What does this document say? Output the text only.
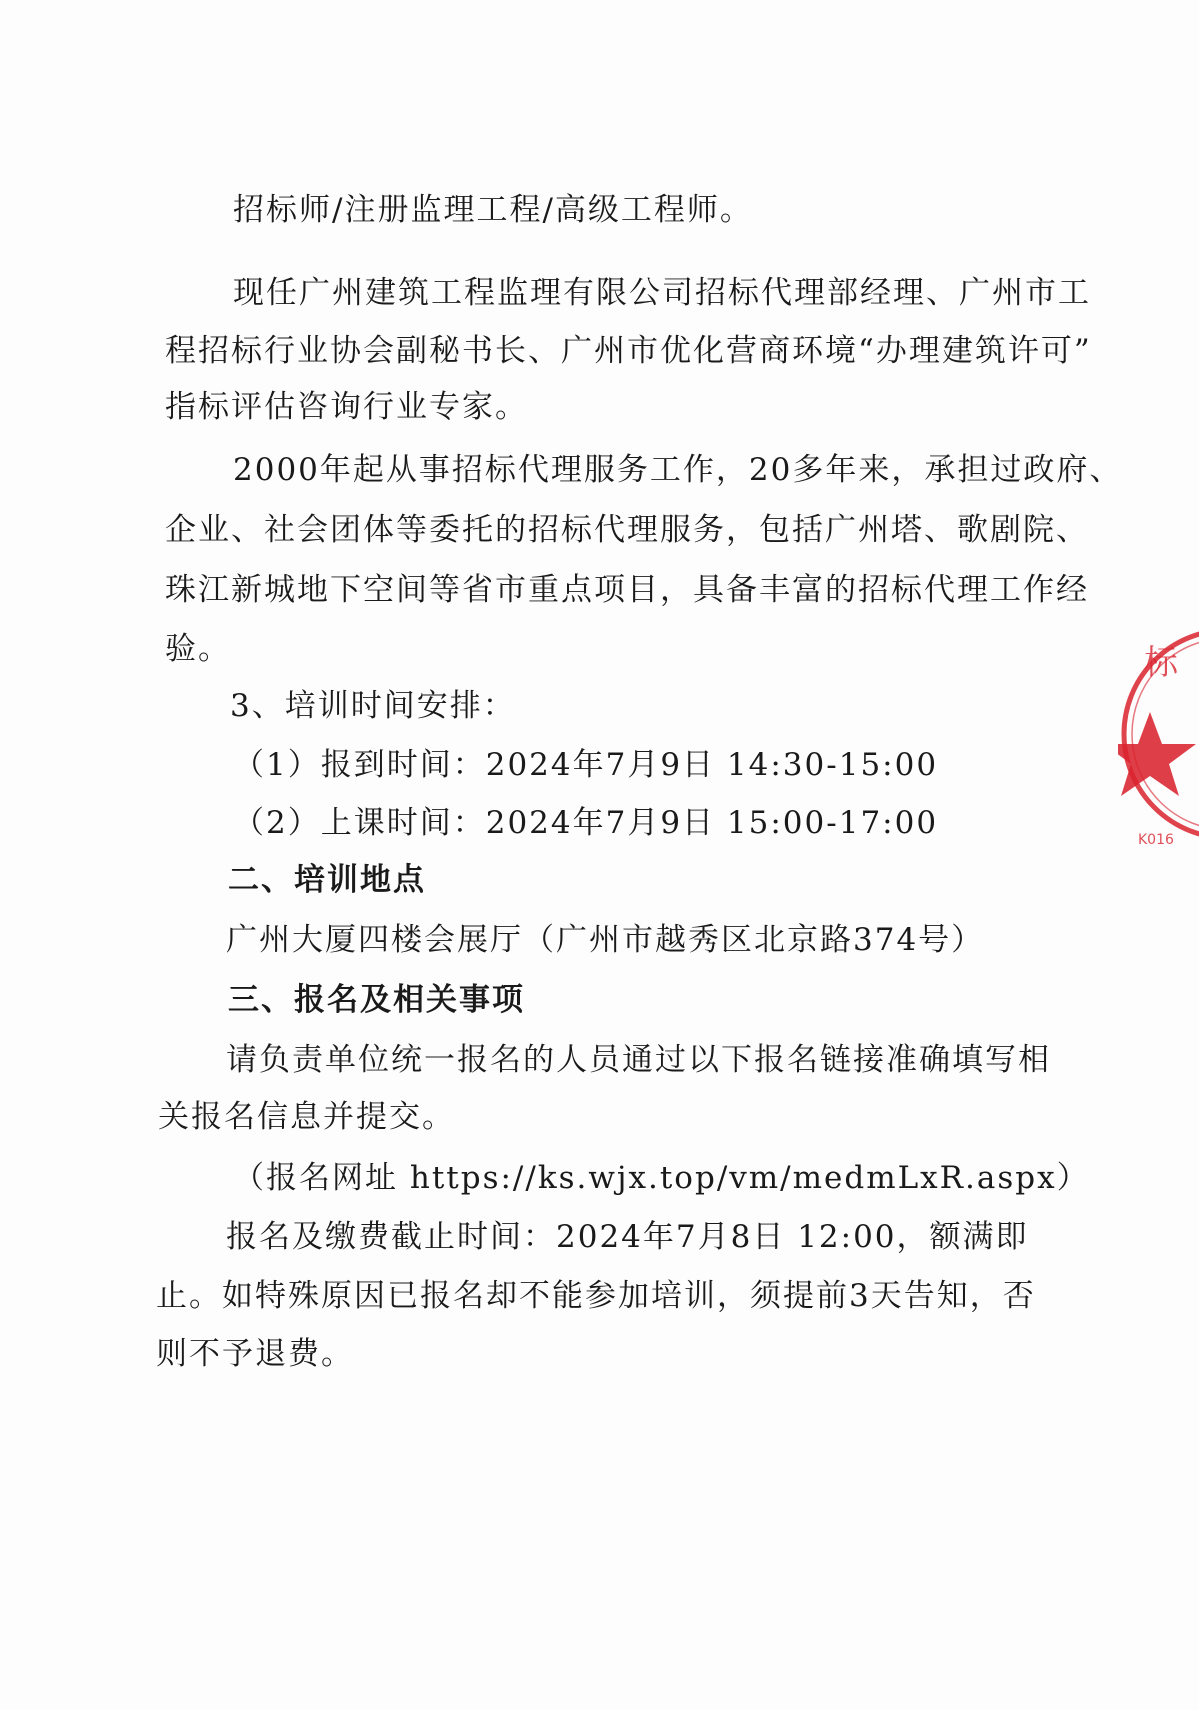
招标师/注册监理工程/高级工程师。
现任广州建筑工程监理有限公司招标代理部经理、广州市工
程招标行业协会副秘书长、广州市优化营商环境“办理建筑许可”
指标评估咨询行业专家。
2000年起从事招标代理服务工作，20多年来，承担过政府、
企业、社会团体等委托的招标代理服务，包括广州塔、歌剧院、
珠江新城地下空间等省市重点项目，具备丰富的招标代理工作经
验。
3、培训时间安排：
（1）报到时间：2024年7月9日 14:30-15:00
（2）上课时间：2024年7月9日 15:00-17:00
二、培训地点
广州大厦四楼会展厅（广州市越秀区北京路374号）
三、报名及相关事项
请负责单位统一报名的人员通过以下报名链接准确填写相
关报名信息并提交。
（报名网址 https://ks.wjx.top/vm/medmLxR.aspx）
报名及缴费截止时间：2024年7月8日 12:00，额满即
止。如特殊原因已报名却不能参加培训，须提前3天告知，否
则不予退费。
标
K016
